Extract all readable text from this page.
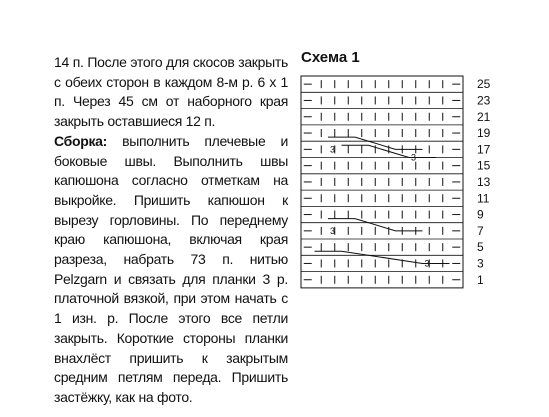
14 п. После этого для скосов закрыть с обеих сторон в каждом 8-м р. 6 х 1 п. Через 45 см от наборного края закрыть оставшиеся 12 п.

Сборка: выполнить плечевые и боковые швы. Выполнить швы капюшона согласно отметкам на выкройке. Пришить капюшон к вырезу горловины. По переднему краю капюшона, включая края разреза, набрать 73 п. нитью Pelzgarn и связать для планки 3 р. платочной вязкой, при этом начать с 1 изн. р. После этого все петли закрыть. Короткие стороны планки внахлёст пришить к закрытым средним петлям переда. Пришить застёжку, как на фото.

Схема 1
25
23
21
19
17
15
13
11
9
7
5
3
1
3
3
3
3
